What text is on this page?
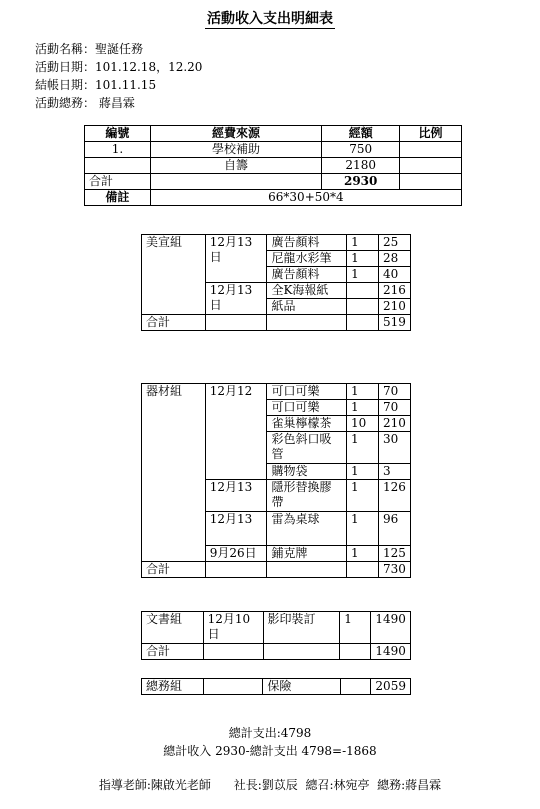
活動收入支出明細表
活動名稱：聖誕任務
活動日期：101.12.18，12.20
結帳日期：101.11.15
活動總務： 蔣昌霖
編號	經費來源	經額	比例
1.	學校補助	750	
	自籌	2180	
合計		2930	
備註	66*30+50*4		
美宣組	12月13日	廣告顏料	1	25
		尼龍水彩筆	1	28
		廣告顏料	1	40
	12月13日	全K海報紙		216
		紙品		210
合計				519
器材組	12月12	可口可樂	1	70
		可口可樂	1	70
		雀巢檸檬茶	10	210
		彩色斜口吸管	1	30
		購物袋	1	3
	12月13	隱形替換膠帶	1	126
	12月13	雷為桌球	1	96
	9月26日	鋪克牌	1	125
合計				730
文書組	12月10日	影印裝訂	1	1490
合計				1490
總務組		保險		2059
總計支出:4798
總計收入 2930-總計支出 4798=-1868
指導老師:陳啟光老師 社長:劉苡辰 總召:林宛亭 總務:蔣昌霖
